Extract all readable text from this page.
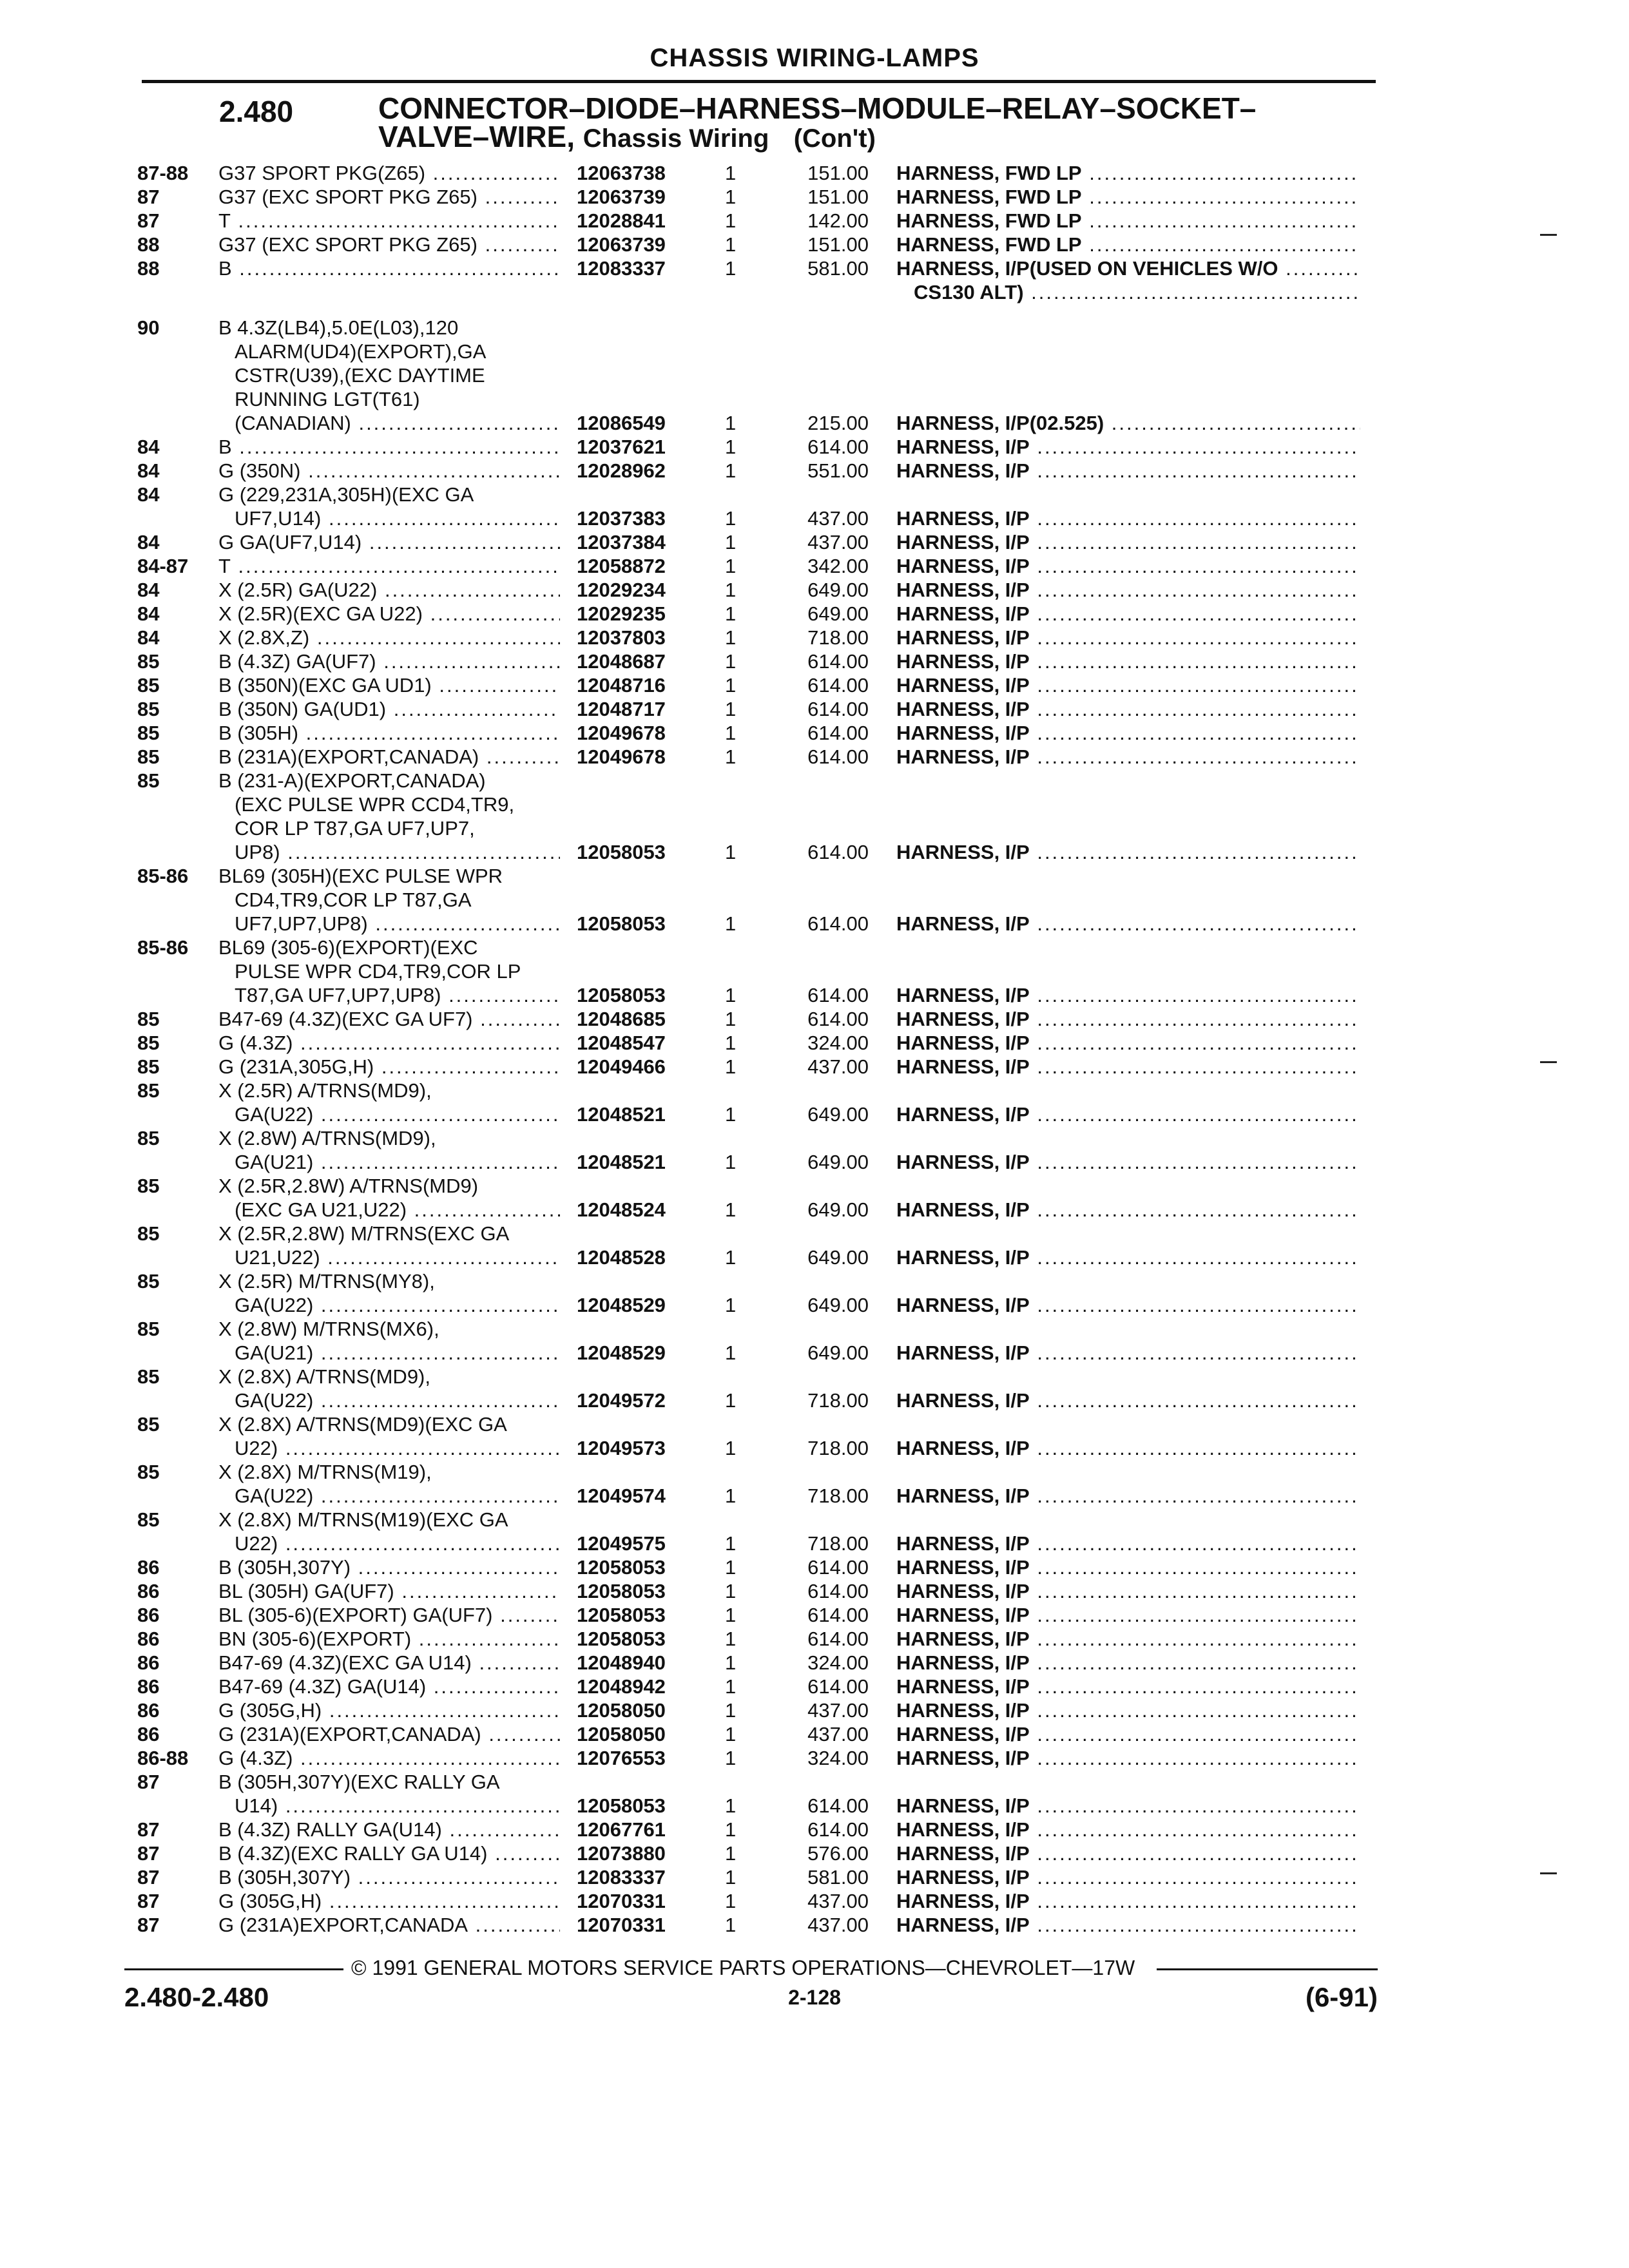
CHASSIS WIRING-LAMPS
2.480	CONNECTOR–DIODE–HARNESS–MODULE–RELAY–SOCKET–
VALVE–WIRE, Chassis Wiring (Con't)
87-88 G37 SPORT PKG(Z65) .....	12063738	1	151.00 HARNESS, FWD LP .....
87	G37 (EXC SPORT PKG Z65) .....	12063739	1	151.00 HARNESS, FWD LP .....
87	T .....	12028841	1	142.00 HARNESS, FWD LP .....
88	G37 (EXC SPORT PKG Z65) .....	12063739	1	151.00 HARNESS, FWD LP .....
88	B .....	12083337	1	581.00 HARNESS, I/P(USED ON VEHICLES W/O .....
CS130 ALT) .....
90	B 4.3Z(LB4),5.0E(L03),120
ALARM(UD4)(EXPORT),GA
CSTR(U39),(EXC DAYTIME
RUNNING LGT(T61)
(CANADIAN) .....	12086549	1	215.00 HARNESS, I/P(02.525) .....
84	B .....	12037621	1	614.00 HARNESS, I/P .....
84	G (350N) .....	12028962	1	551.00 HARNESS, I/P .....
84	G (229,231A,305H)(EXC GA
UF7,U14) .....	12037383	1	437.00 HARNESS, I/P .....
84	G GA(UF7,U14) .....	12037384	1	437.00 HARNESS, I/P .....
84-87 T .....	12058872	1	342.00 HARNESS, I/P .....
84	X (2.5R) GA(U22) .....	12029234	1	649.00 HARNESS, I/P .....
84	X (2.5R)(EXC GA U22) .....	12029235	1	649.00 HARNESS, I/P .....
84	X (2.8X,Z) .....	12037803	1	718.00 HARNESS, I/P .....
85	B (4.3Z) GA(UF7) .....	12048687	1	614.00 HARNESS, I/P .....
85	B (350N)(EXC GA UD1) .....	12048716	1	614.00 HARNESS, I/P .....
85	B (350N) GA(UD1) .....	12048717	1	614.00 HARNESS, I/P .....
85	B (305H) .....	12049678	1	614.00 HARNESS, I/P .....
85	B (231A)(EXPORT,CANADA) .....	12049678	1	614.00 HARNESS, I/P .....
85	B (231-A)(EXPORT,CANADA)
(EXC PULSE WPR CCD4,TR9,
COR LP T87,GA UF7,UP7,
UP8) .....	12058053	1	614.00 HARNESS, I/P .....
85-86 BL69 (305H)(EXC PULSE WPR
CD4,TR9,COR LP T87,GA
UF7,UP7,UP8) .....	12058053	1	614.00 HARNESS, I/P .....
85-86 BL69 (305-6)(EXPORT)(EXC
PULSE WPR CD4,TR9,COR LP
T87,GA UF7,UP7,UP8) .....	12058053	1	614.00 HARNESS, I/P .....
85	B47-69 (4.3Z)(EXC GA UF7) .....	12048685	1	614.00 HARNESS, I/P .....
85	G (4.3Z) .....	12048547	1	324.00 HARNESS, I/P .....
85	G (231A,305G,H) .....	12049466	1	437.00 HARNESS, I/P .....
85	X (2.5R) A/TRNS(MD9),
GA(U22) .....	12048521	1	649.00 HARNESS, I/P .....
85	X (2.8W) A/TRNS(MD9),
GA(U21) .....	12048521	1	649.00 HARNESS, I/P .....
85	X (2.5R,2.8W) A/TRNS(MD9)
(EXC GA U21,U22) .....	12048524	1	649.00 HARNESS, I/P .....
85	X (2.5R,2.8W) M/TRNS(EXC GA
U21,U22) .....	12048528	1	649.00 HARNESS, I/P .....
85	X (2.5R) M/TRNS(MY8),
GA(U22) .....	12048529	1	649.00 HARNESS, I/P .....
85	X (2.8W) M/TRNS(MX6),
GA(U21) .....	12048529	1	649.00 HARNESS, I/P .....
85	X (2.8X) A/TRNS(MD9),
GA(U22) .....	12049572	1	718.00 HARNESS, I/P .....
85	X (2.8X) A/TRNS(MD9)(EXC GA
U22) .....	12049573	1	718.00 HARNESS, I/P .....
85	X (2.8X) M/TRNS(M19),
GA(U22) .....	12049574	1	718.00 HARNESS, I/P .....
85	X (2.8X) M/TRNS(M19)(EXC GA
U22) .....	12049575	1	718.00 HARNESS, I/P .....
86	B (305H,307Y) .....	12058053	1	614.00 HARNESS, I/P .....
86	BL (305H) GA(UF7) .....	12058053	1	614.00 HARNESS, I/P .....
86	BL (305-6)(EXPORT) GA(UF7) .....	12058053	1	614.00 HARNESS, I/P .....
86	BN (305-6)(EXPORT) .....	12058053	1	614.00 HARNESS, I/P .....
86	B47-69 (4.3Z)(EXC GA U14) .....	12048940	1	324.00 HARNESS, I/P .....
86	B47-69 (4.3Z) GA(U14) .....	12048942	1	614.00 HARNESS, I/P .....
86	G (305G,H) .....	12058050	1	437.00 HARNESS, I/P .....
86	G (231A)(EXPORT,CANADA) .....	12058050	1	437.00 HARNESS, I/P .....
86-88 G (4.3Z) .....	12076553	1	324.00 HARNESS, I/P .....
87	B (305H,307Y)(EXC RALLY GA
U14) .....	12058053	1	614.00 HARNESS, I/P .....
87	B (4.3Z) RALLY GA(U14) .....	12067761	1	614.00 HARNESS, I/P .....
87	B (4.3Z)(EXC RALLY GA U14) .....	12073880	1	576.00 HARNESS, I/P .....
87	B (305H,307Y) .....	12083337	1	581.00 HARNESS, I/P .....
87	G (305G,H) .....	12070331	1	437.00 HARNESS, I/P .....
87	G (231A)EXPORT,CANADA .....	12070331	1	437.00 HARNESS, I/P .....
© 1991 GENERAL MOTORS SERVICE PARTS OPERATIONS—CHEVROLET—17W
2.480-2.480	2-128	(6-91)
